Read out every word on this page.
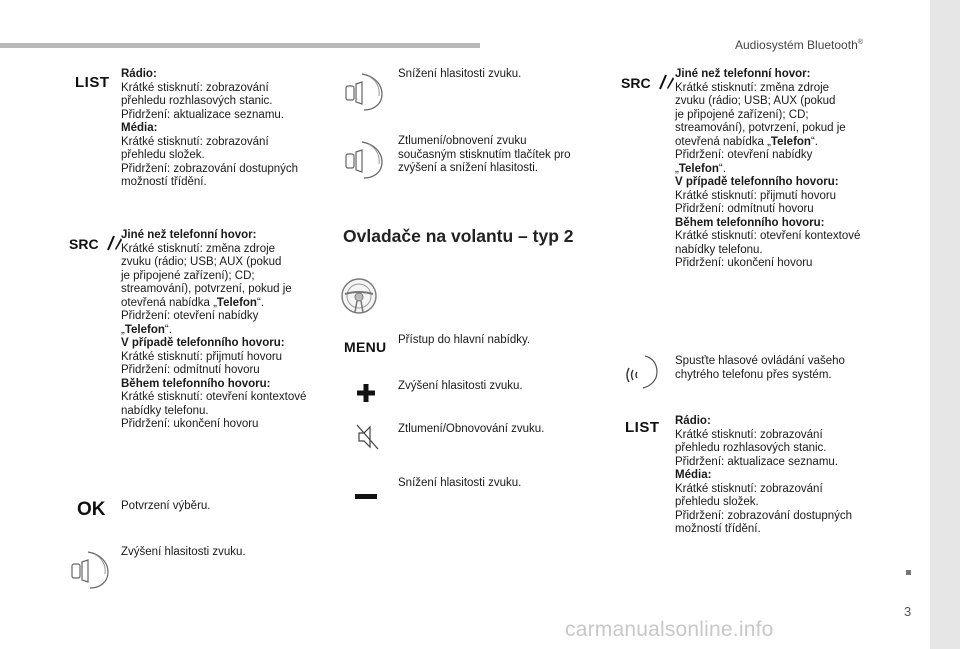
Audiosystém Bluetooth®
3
carmanualsonline.info
LIST Rádio:
Krátké stisknutí: zobrazování
přehledu rozhlasových stanic.
Přidržení: aktualizace seznamu.
Média:
Krátké stisknutí: zobrazování
přehledu složek.
Přidržení: zobrazování dostupných
možností třídění.
SRC
Jiné než telefonní hovor:
Krátké stisknutí: změna zdroje
zvuku (rádio; USB; AUX (pokud
je připojené zařízení); CD;
streamování), potvrzení, pokud je
otevřená nabídka „Telefon“.
Přidržení: otevření nabídky
„Telefon“.
V případě telefonního hovoru:
Krátké stisknutí: přijmutí hovoru
Přidržení: odmítnutí hovoru
Během telefonního hovoru:
Krátké stisknutí: otevření kontextové
nabídky telefonu.
Přidržení: ukončení hovoru
OK Potvrzení výběru.
Zvýšení hlasitosti zvuku.
Snížení hlasitosti zvuku.
Ztlumení/obnovení zvuku
současným stisknutím tlačítek pro
zvýšení a snížení hlasitosti.
Ovladače na volantu – typ 2
MENU Přístup do hlavní nabídky.
Zvýšení hlasitosti zvuku.
Ztlumení/Obnovování zvuku.
Snížení hlasitosti zvuku.
SRC
Jiné než telefonní hovor:
Krátké stisknutí: změna zdroje
zvuku (rádio; USB; AUX (pokud
je připojené zařízení); CD;
streamování), potvrzení, pokud je
otevřená nabídka „Telefon“.
Přidržení: otevření nabídky
„Telefon“.
V případě telefonního hovoru:
Krátké stisknutí: přijmutí hovoru
Přidržení: odmítnutí hovoru
Během telefonního hovoru:
Krátké stisknutí: otevření kontextové
nabídky telefonu.
Přidržení: ukončení hovoru
Spusťte hlasové ovládání vašeho
chytrého telefonu přes systém.
LIST Rádio:
Krátké stisknutí: zobrazování
přehledu rozhlasových stanic.
Přidržení: aktualizace seznamu.
Média:
Krátké stisknutí: zobrazování
přehledu složek.
Přidržení: zobrazování dostupných
možností třídění.
